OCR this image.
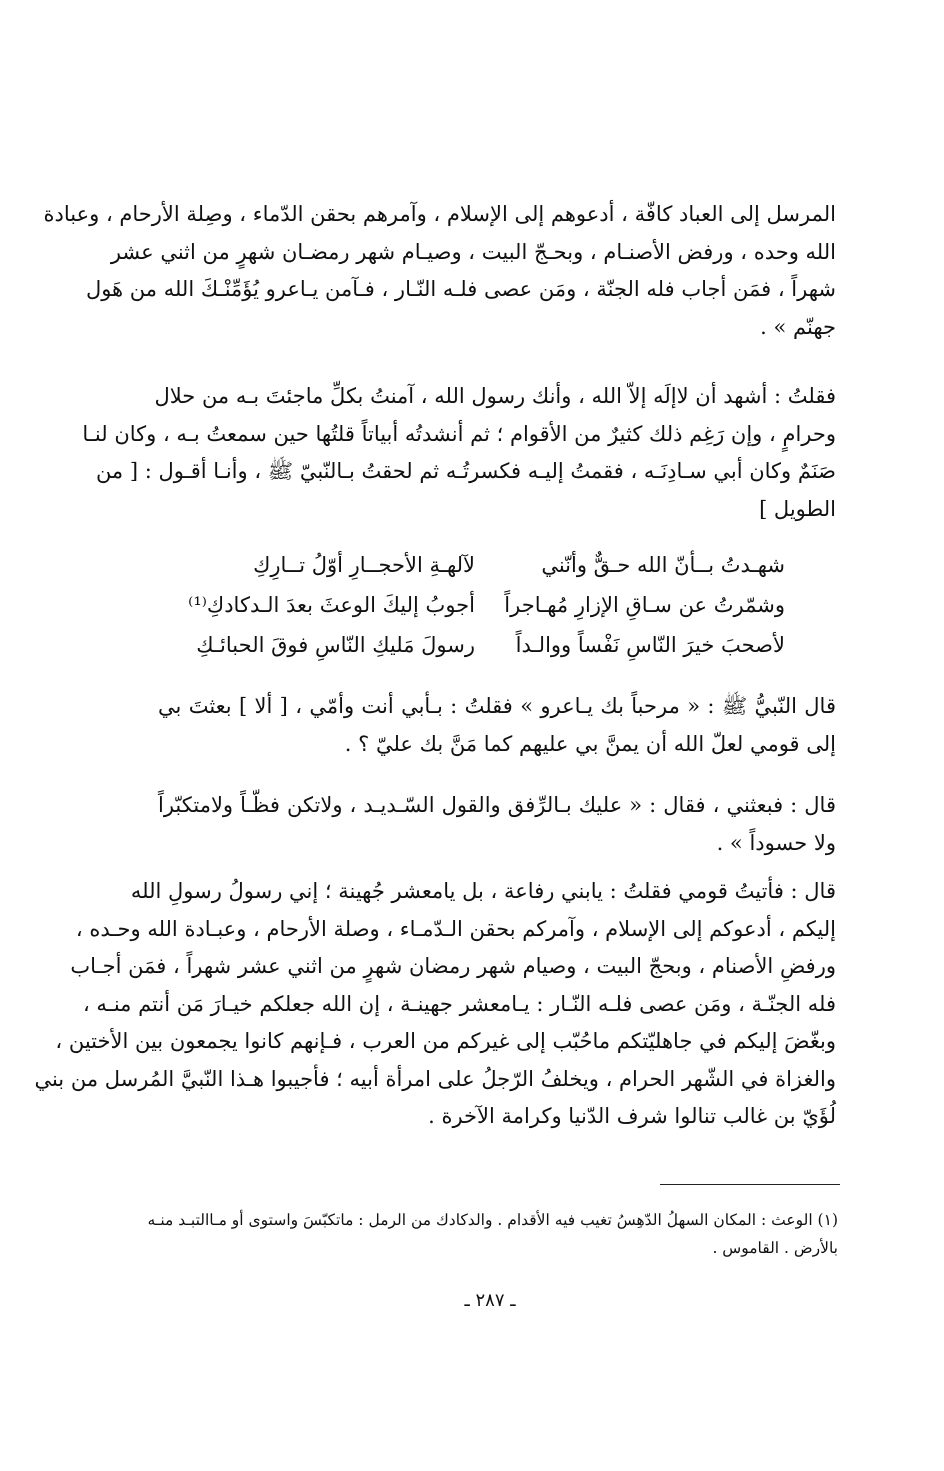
المرسل إلى العباد كافّة ، أدعوهم إلى الإسلام ، وآمرهم بحقن الدّماء ، وصِلة الأرحام ، وعبادة
الله وحده ، ورفض الأصنـام ، وبحـجّ البيت ، وصيـام شهر رمضـان شهرٍ من اثني عشر
شهراً ، فمَن أجاب فله الجنّة ، ومَن عصى فلـه النّـار ، فـآمن يـاعرو يُؤَمِّنْـكَ الله من هَول
جهنّم » .
فقلتُ : أشهد أن لاإلَه إلاّ الله ، وأنك رسول الله ، آمنتُ بكلِّ ماجئتَ بـه من حلال
وحرامٍ ، وإن رَغِم ذلك كثيرٌ من الأقوام ؛ ثم أنشدتُه أبياتاً قلتُها حين سمعتُ بـه ، وكان لنـا
صَنَمٌ وكان أبي سـادِنَـه ، فقمتُ إليـه فكسرتُـه ثم لحقتُ بـالنّبيّ ﷺ ، وأنـا أقـول : [ من
الطويل ]
شهـدتُ بــأنّ الله حـقٌّ وأنّني
لآلهـةِ الأحجــارِ أوّلُ تــارِكِ
وشمّرتُ عن سـاقِ الإزارِ مُهـاجراً
أجوبُ إليكَ الوعثَ بعدَ الـدكادكِ⁽¹⁾
لأصحبَ خيرَ النّاسِ نَفْساً ووالـداً
رسولَ مَليكِ النّاسِ فوقَ الحبائـكِ
قال النّبيُّ ﷺ : « مرحباً بك يـاعرو » فقلتُ : بـأبي أنت وأمّي ، [ ألا ] بعثتَ بي
إلى قومي لعلّ الله أن يمنَّ بي عليهم كما مَنَّ بك عليّ ؟ .
قال : فبعثني ، فقال : « عليك بـالرِّفق والقول السّـديـد ، ولاتكن فظّـاً ولامتكبّراً
ولا حسوداً » .
قال : فأتيتُ قومي فقلتُ : يابني رفاعة ، بل يامعشر جُهينة ؛ إني رسولُ رسولِ الله
إليكم ، أدعوكم إلى الإسلام ، وآمركم بحقن الـدّمـاء ، وصلة الأرحام ، وعبـادة الله وحـده ،
ورفضِ الأصنام ، وبحجّ البيت ، وصيام شهر رمضان شهرٍ من اثني عشر شهراً ، فمَن أجـاب
فله الجنّـة ، ومَن عصى فلـه النّـار : يـامعشر جهينـة ، إن الله جعلكم خيـارَ مَن أنتم منـه ،
وبغّضَ إليكم في جاهليّتكم ماحُبّب إلى غيركم من العرب ، فـإنهم كانوا يجمعون بين الأختين ،
والغزاة في الشّهر الحرام ، ويخلفُ الرّجلُ على امرأة أبيه ؛ فأجيبوا هـذا النّبيَّ المُرسل من بني
لُؤَيّ بن غالب تنالوا شرف الدّنيا وكرامة الآخرة .
(١) الوعث : المكان السهلُ الدّهِسُ تغيب فيه الأقدام . والدكادك من الرمل : ماتكبّسَ واستوى أو مـاالتبـد منـه
بالأرض . القاموس .
ـ ٢٨٧ ـ
